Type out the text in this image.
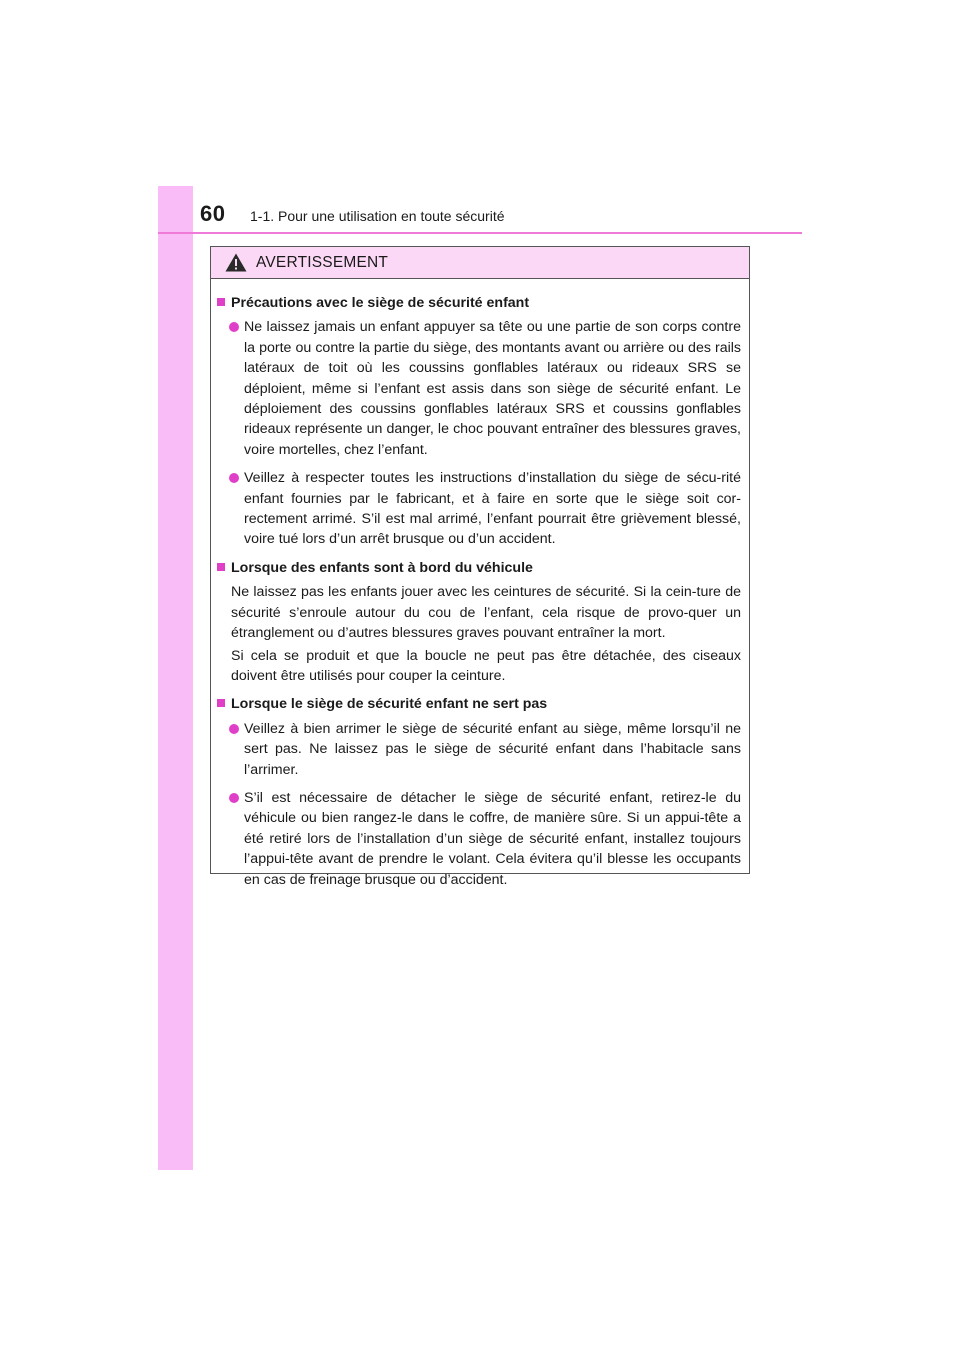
60 1-1. Pour une utilisation en toute sécurité
AVERTISSEMENT
Précautions avec le siège de sécurité enfant
Ne laissez jamais un enfant appuyer sa tête ou une partie de son corps contre la porte ou contre la partie du siège, des montants avant ou arrière ou des rails latéraux de toit où les coussins gonflables latéraux ou rideaux SRS se déploient, même si l’enfant est assis dans son siège de sécurité enfant. Le déploiement des coussins gonflables latéraux SRS et coussins gonflables rideaux représente un danger, le choc pouvant entraîner des blessures graves, voire mortelles, chez l’enfant.
Veillez à respecter toutes les instructions d’installation du siège de sécu-rité enfant fournies par le fabricant, et à faire en sorte que le siège soit cor-rectement arrimé. S’il est mal arrimé, l’enfant pourrait être grièvement blessé, voire tué lors d’un arrêt brusque ou d’un accident.
Lorsque des enfants sont à bord du véhicule
Ne laissez pas les enfants jouer avec les ceintures de sécurité. Si la cein-ture de sécurité s’enroule autour du cou de l’enfant, cela risque de provo-quer un étranglement ou d’autres blessures graves pouvant entraîner la mort.
Si cela se produit et que la boucle ne peut pas être détachée, des ciseaux doivent être utilisés pour couper la ceinture.
Lorsque le siège de sécurité enfant ne sert pas
Veillez à bien arrimer le siège de sécurité enfant au siège, même lorsqu’il ne sert pas. Ne laissez pas le siège de sécurité enfant dans l’habitacle sans l’arrimer.
S’il est nécessaire de détacher le siège de sécurité enfant, retirez-le du véhicule ou bien rangez-le dans le coffre, de manière sûre. Si un appui-tête a été retiré lors de l’installation d’un siège de sécurité enfant, installez toujours l’appui-tête avant de prendre le volant. Cela évitera qu’il blesse les occupants en cas de freinage brusque ou d’accident.
